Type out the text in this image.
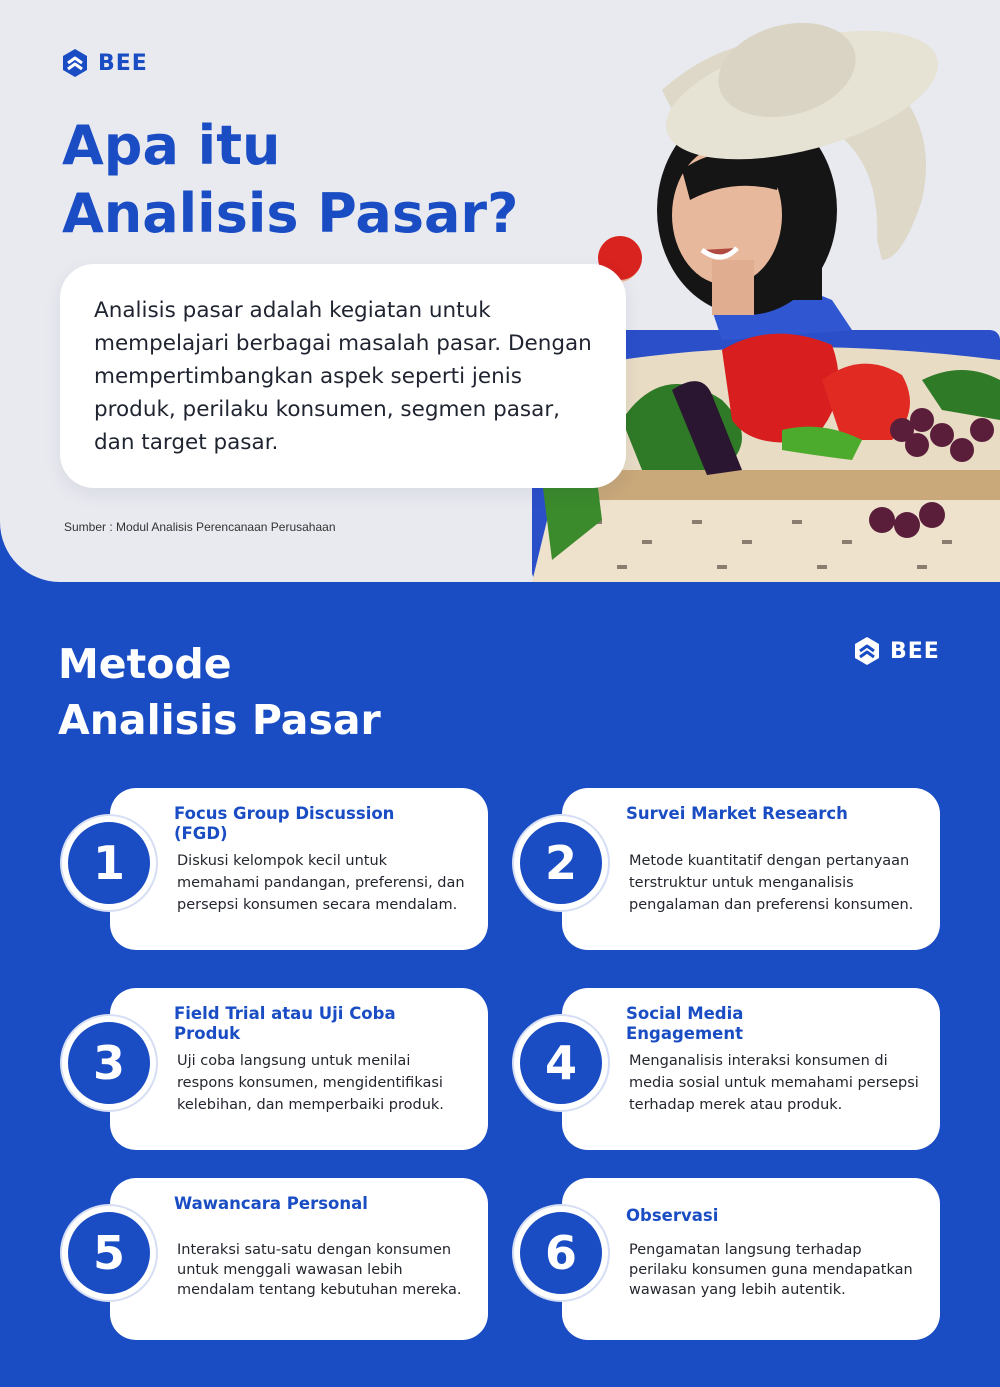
BEE
Apa itu
Analisis Pasar?

Analisis pasar adalah kegiatan untuk mempelajari berbagai masalah pasar. Dengan mempertimbangkan aspek seperti jenis produk, perilaku konsumen, segmen pasar, dan target pasar.

Sumber : Modul Analisis Perencanaan Perusahaan
Metode
Analisis Pasar
BEE
1
Focus Group Discussion (FGD)

Diskusi kelompok kecil untuk memahami pandangan, preferensi, dan persepsi konsumen secara mendalam.

2
Survei Market Research

Metode kuantitatif dengan pertanyaan terstruktur untuk menganalisis pengalaman dan preferensi konsumen.

3
Field Trial atau Uji Coba Produk

Uji coba langsung untuk menilai respons konsumen, mengidentifikasi kelebihan, dan memperbaiki produk.

4
Social Media Engagement

Menganalisis interaksi konsumen di media sosial untuk memahami persepsi terhadap merek atau produk.

5
Wawancara Personal

Interaksi satu-satu dengan konsumen untuk menggali wawasan lebih mendalam tentang kebutuhan mereka.

6
Observasi

Pengamatan langsung terhadap perilaku konsumen guna mendapatkan wawasan yang lebih autentik.
